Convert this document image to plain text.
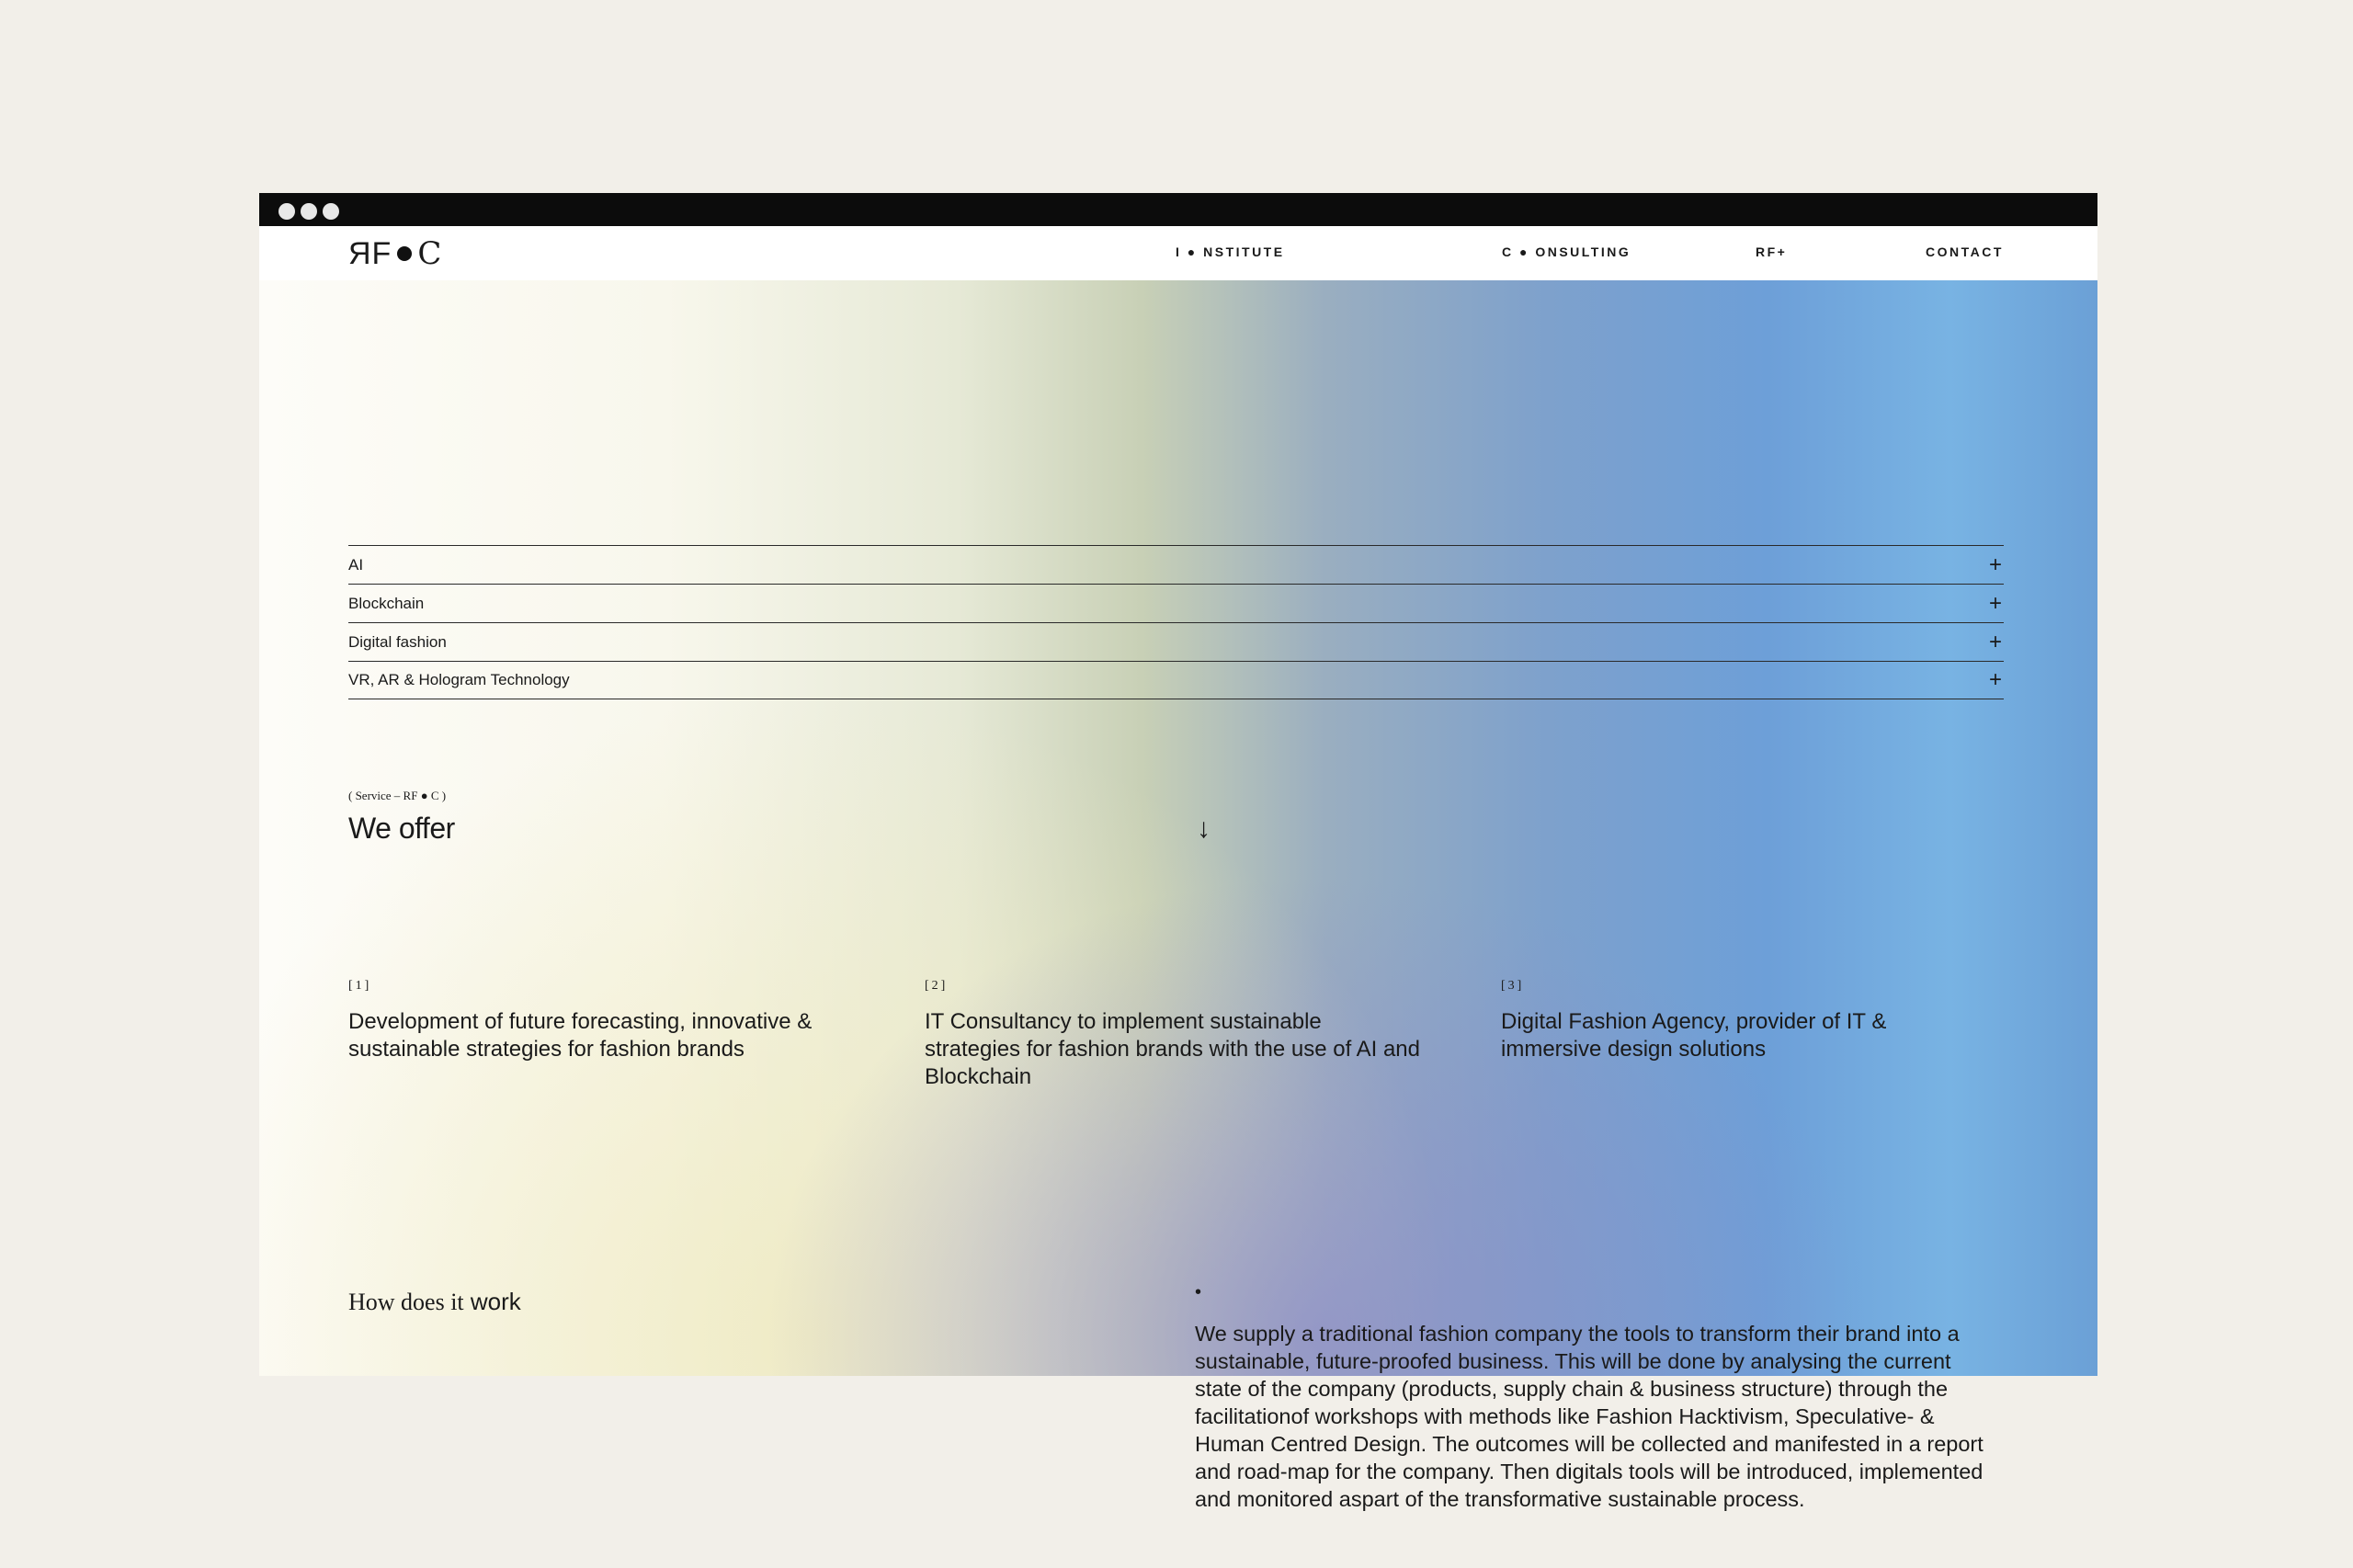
ЯF C	I ● NSTITUTE	C ● ONSULTING	RF+	CONTACT
AI	+
Blockchain	+
Digital fashion	+
VR, AR & Hologram Technology	+
( Service – RF ● C )
We offer	↓
[1]
Development of future forecasting, innovative & sustainable strategies for fashion brands
[2]
IT Consultancy to implement sustainable strategies for fashion brands with the use of AI and Blockchain
[3]
Digital Fashion Agency, provider of IT & immersive design solutions
How does it work	•
We supply a traditional fashion company the tools to transform their brand into a sustainable, future-proofed business. This will be done by analysing the current state of the company (products, supply chain & business structure) through the facilitationof workshops with methods like Fashion Hacktivism, Speculative- & Human Centred Design. The outcomes will be collected and manifested in a report and road-map for the company. Then digitals tools will be introduced, implemented and monitored aspart of the transformative sustainable process.
